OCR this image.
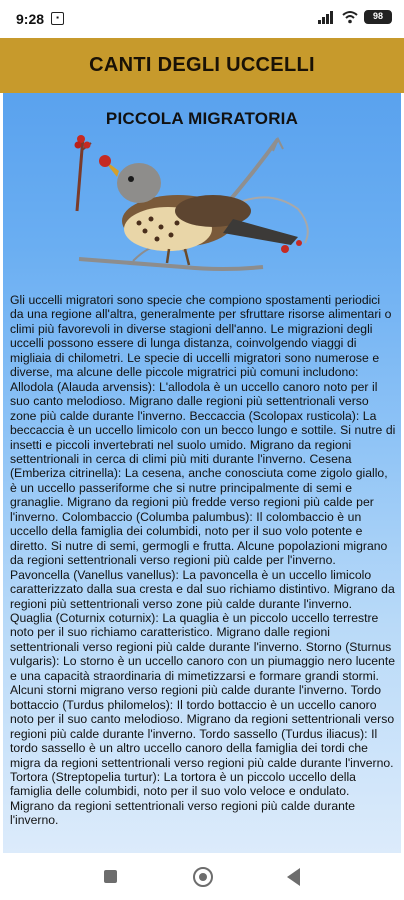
9:28	▪	98
CANTI DEGLI UCCELLI
PICCOLA MIGRATORIA
Gli uccelli migratori sono specie che compiono spostamenti periodici da una regione all'altra, generalmente per sfruttare risorse alimentari o climi più favorevoli in diverse stagioni dell'anno. Le migrazioni degli uccelli possono essere di lunga distanza, coinvolgendo viaggi di migliaia di chilometri. Le specie di uccelli migratori sono numerose e diverse, ma alcune delle piccole migratrici più comuni includono: Allodola (Alauda arvensis): L'allodola è un uccello canoro noto per il suo canto melodioso. Migrano dalle regioni più settentrionali verso zone più calde durante l'inverno. Beccaccia (Scolopax rusticola): La beccaccia è un uccello limicolo con un becco lungo e sottile. Si nutre di insetti e piccoli invertebrati nel suolo umido. Migrano da regioni settentrionali in cerca di climi più miti durante l'inverno. Cesena (Emberiza citrinella): La cesena, anche conosciuta come zigolo giallo, è un uccello passeriforme che si nutre principalmente di semi e granaglie. Migrano da regioni più fredde verso regioni più calde per l'inverno. Colombaccio (Columba palumbus): Il colombaccio è un uccello della famiglia dei columbidi, noto per il suo volo potente e diretto. Si nutre di semi, germogli e frutta. Alcune popolazioni migrano da regioni settentrionali verso regioni più calde per l'inverno. Pavoncella (Vanellus vanellus): La pavoncella è un uccello limicolo caratterizzato dalla sua cresta e dal suo richiamo distintivo. Migrano da regioni più settentrionali verso zone più calde durante l'inverno. Quaglia (Coturnix coturnix): La quaglia è un piccolo uccello terrestre noto per il suo richiamo caratteristico. Migrano dalle regioni settentrionali verso regioni più calde durante l'inverno. Storno (Sturnus vulgaris): Lo storno è un uccello canoro con un piumaggio nero lucente e una capacità straordinaria di mimetizzarsi e formare grandi stormi. Alcuni storni migrano verso regioni più calde durante l'inverno. Tordo bottaccio (Turdus philomelos): Il tordo bottaccio è un uccello canoro noto per il suo canto melodioso. Migrano da regioni settentrionali verso regioni più calde durante l'inverno. Tordo sassello (Turdus iliacus): Il tordo sassello è un altro uccello canoro della famiglia dei tordi che migra da regioni settentrionali verso regioni più calde durante l'inverno. Tortora (Streptopelia turtur): La tortora è un piccolo uccello della famiglia delle columbidi, noto per il suo volo veloce e ondulato. Migrano da regioni settentrionali verso regioni più calde durante l'inverno.
